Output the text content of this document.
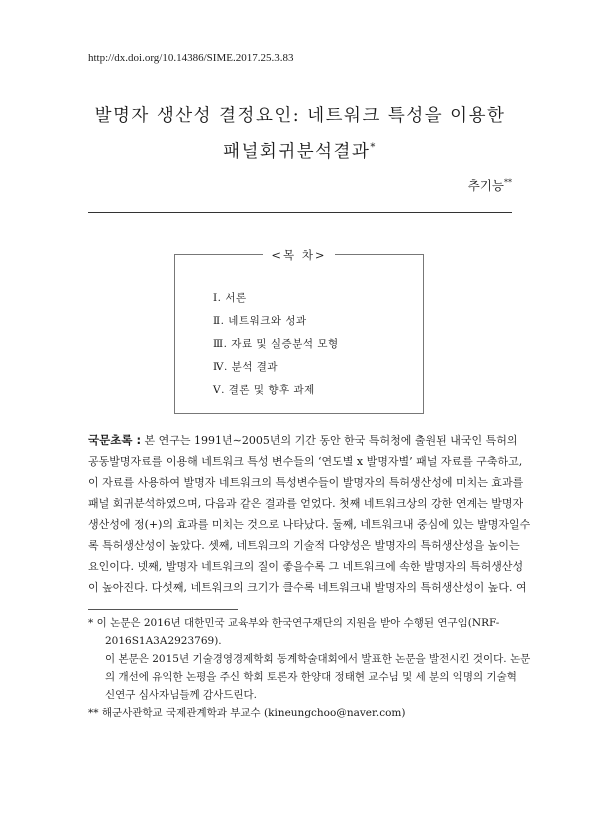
http://dx.doi.org/10.14386/SIME.2017.25.3.83
발명자 생산성 결정요인: 네트워크 특성을 이용한
패널회귀분석결과*
추기능**
<목 차>
Ⅰ. 서론
Ⅱ. 네트워크와 성과
Ⅲ. 자료 및 실증분석 모형
Ⅳ. 분석 결과
Ⅴ. 결론 및 향후 과제
국문초록 : 본 연구는 1991년∼2005년의 기간 동안 한국 특허청에 출원된 내국인 특허의
공동발명자료를 이용해 네트워크 특성 변수들의 ‘연도별 x 발명자별’ 패널 자료를 구축하고,
이 자료를 사용하여 발명자 네트워크의 특성변수들이 발명자의 특허생산성에 미치는 효과를
패널 회귀분석하였으며, 다음과 같은 결과를 얻었다. 첫째 네트워크상의 강한 연계는 발명자
생산성에 정(+)의 효과를 미치는 것으로 나타났다. 둘째, 네트워크내 중심에 있는 발명자일수
록 특허생산성이 높았다. 셋째, 네트워크의 기술적 다양성은 발명자의 특허생산성을 높이는
요인이다. 넷째, 발명자 네트워크의 질이 좋을수록 그 네트워크에 속한 발명자의 특허생산성
이 높아진다. 다섯째, 네트워크의 크기가 클수록 네트워크내 발명자의 특허생산성이 높다. 여
* 이 논문은 2016년 대한민국 교육부와 한국연구재단의 지원을 받아 수행된 연구임(NRF-
2016S1A3A2923769).
이 본문은 2015년 기술경영경제학회 동계학술대회에서 발표한 논문을 발전시킨 것이다. 논문
의 개선에 유익한 논평을 주신 학회 토론자 한양대 정태현 교수님 및 세 분의 익명의 기술혁
신연구 심사자님들께 감사드린다.
** 해군사관학교 국제관계학과 부교수 (kineungchoo@naver.com)
